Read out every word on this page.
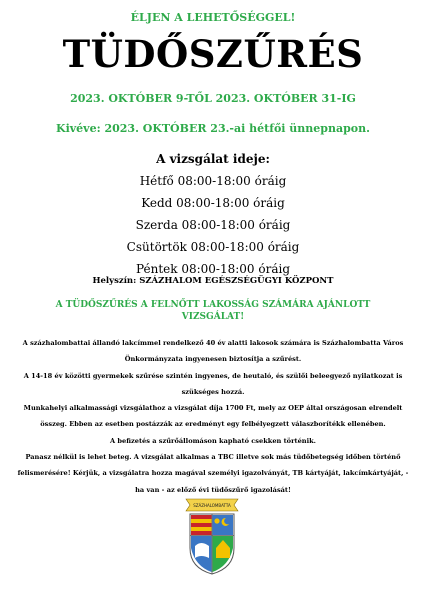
ÉLJEN A LEHETŐSÉGGEL!
TÜDŐSZŰRÉS
2023. OKTÓBER 9-TŐL 2023. OKTÓBER 31-IG
Kivéve: 2023. OKTÓBER 23.-ai hétfői ünnepnapon.
A vizsgálat ideje:
Hétfő 08:00-18:00 óráig
Kedd 08:00-18:00 óráig
Szerda 08:00-18:00 óráig
Csütörtök 08:00-18:00 óráig
Péntek 08:00-18:00 óráig
Helyszín: SZÁZHALOM EGÉSZSÉGÜGYI KÖZPONT
A TÜDŐSZŰRÉS A FELNŐTT LAKOSSÁG SZÁMÁRA AJÁNLOTT VIZSGÁLAT!

A százhalombattai állandó lakcímmel rendelkező 40 év alatti lakosok számára is Százhalombatta Város Önkormányzata ingyenesen biztosítja a szűrést.

A 14-18 év közötti gyermekek szűrése szintén ingyenes, de heutaló, és szülői beleegyező nyilatkozat is szükséges hozzá.

Munkahelyi alkalmassági vizsgálathoz a vizsgálat díja 1700 Ft, mely az OEP által országosan elrendelt összeg. Ebben az esetben postázzák az eredményt egy felbélyegzett válaszborítékk ellenében.

A befizetés a szűrőállomáson kapható csekken történik.

Panasz nélkül is lehet beteg. A vizsgálat alkalmas a TBC illetve sok más tüdőbetegség időben történő felismerésére! Kérjük, a vizsgálatra hozza magával személyi igazolványát, TB kártyáját, lakcímkártyáját, - ha van - az előző évi tüdőszűrő igazolását!

SZÁZHALOMBATTA
